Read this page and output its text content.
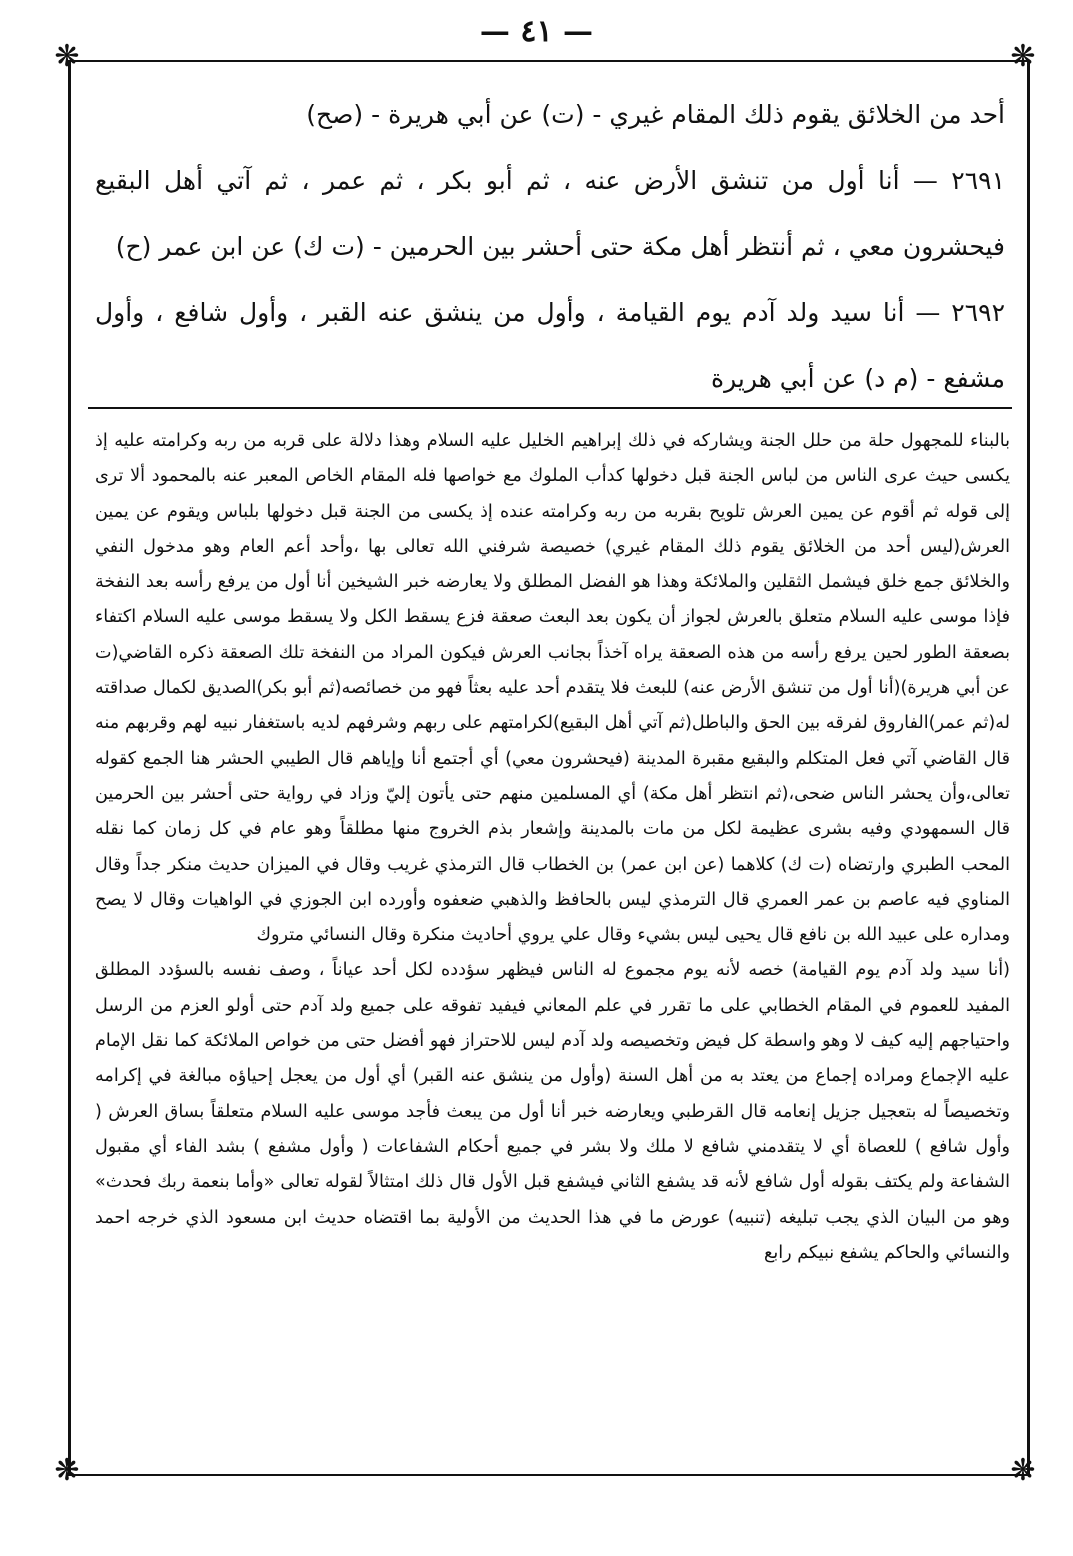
— ٤١ —
❋	❋
❋	❋

أحد من الخلائق يقوم ذلك المقام غيري - (ت) عن أبي هريرة - (صح)

٢٦٩١ — أنا أول من تنشق الأرض عنه ، ثم أبو بكر ، ثم عمر ، ثم آتي أهل البقيع فيحشرون معي ، ثم أنتظر أهل مكة حتى أحشر بين الحرمين - (ت ك) عن ابن عمر (ح)

٢٦٩٢ — أنا سيد ولد آدم يوم القيامة ، وأول من ينشق عنه القبر ، وأول شافع ، وأول مشفع - (م د) عن أبي هريرة

بالبناء للمجهول حلة من حلل الجنة ويشاركه في ذلك إبراهيم الخليل عليه السلام وهذا دلالة على قربه من ربه وكرامته عليه إذ يكسى حيث عرى الناس من لباس الجنة قبل دخولها كدأب الملوك مع خواصها فله المقام الخاص المعبر عنه بالمحمود ألا ترى إلى قوله ثم أقوم عن يمين العرش تلويح بقربه من ربه وكرامته عنده إذ يكسى من الجنة قبل دخولها بلباس ويقوم عن يمين العرش(ليس أحد من الخلائق يقوم ذلك المقام غيري) خصيصة شرفني الله تعالى بها ،وأحد أعم العام وهو مدخول النفي والخلائق جمع خلق فيشمل الثقلين والملائكة وهذا هو الفضل المطلق ولا يعارضه خبر الشيخين أنا أول من يرفع رأسه بعد النفخة فإذا موسى عليه السلام متعلق بالعرش لجواز أن يكون بعد البعث صعقة فزع يسقط الكل ولا يسقط موسى عليه السلام اكتفاء بصعقة الطور لحين يرفع رأسه من هذه الصعقة يراه آخذاً بجانب العرش فيكون المراد من النفخة تلك الصعقة ذكره القاضي(ت عن أبي هريرة)(أنا أول من تنشق الأرض عنه) للبعث فلا يتقدم أحد عليه بعثاً فهو من خصائصه(ثم أبو بكر)الصديق لكمال صداقته له(ثم عمر)الفاروق لفرقه بين الحق والباطل(ثم آتي أهل البقيع)لكرامتهم على ربهم وشرفهم لديه باستغفار نبيه لهم وقربهم منه قال القاضي آتي فعل المتكلم والبقيع مقبرة المدينة (فيحشرون معي) أي أجتمع أنا وإياهم قال الطيبي الحشر هنا الجمع كقوله تعالى،وأن يحشر الناس ضحى،(ثم انتظر أهل مكة) أي المسلمين منهم حتى يأتون إليّ وزاد في رواية حتى أحشر بين الحرمين قال السمهودي وفيه بشرى عظيمة لكل من مات بالمدينة وإشعار بذم الخروج منها مطلقاً وهو عام في كل زمان كما نقله المحب الطبري وارتضاه (ت ك) كلاهما (عن ابن عمر) بن الخطاب قال الترمذي غريب وقال في الميزان حديث منكر جداً وقال المناوي فيه عاصم بن عمر العمري قال الترمذي ليس بالحافظ والذهبي ضعفوه وأورده ابن الجوزي في الواهيات وقال لا يصح ومداره على عبيد الله بن نافع قال يحيى ليس بشيء وقال علي يروي أحاديث منكرة وقال النسائي متروك

(أنا سيد ولد آدم يوم القيامة) خصه لأنه يوم مجموع له الناس فيظهر سؤدده لكل أحد عياناً ، وصف نفسه بالسؤدد المطلق المفيد للعموم في المقام الخطابي على ما تقرر في علم المعاني فيفيد تفوقه على جميع ولد آدم حتى أولو العزم من الرسل واحتياجهم إليه كيف لا وهو واسطة كل فيض وتخصيصه ولد آدم ليس للاحتراز فهو أفضل حتى من خواص الملائكة كما نقل الإمام عليه الإجماع ومراده إجماع من يعتد به من أهل السنة (وأول من ينشق عنه القبر) أي أول من يعجل إحياؤه مبالغة في إكرامه وتخصيصاً له بتعجيل جزيل إنعامه قال القرطبي ويعارضه خبر أنا أول من يبعث فأجد موسى عليه السلام متعلقاً بساق العرش ( وأول شافع ) للعصاة أي لا يتقدمني شافع لا ملك ولا بشر في جميع أحكام الشفاعات ( وأول مشفع ) بشد الفاء أي مقبول الشفاعة ولم يكتف بقوله أول شافع لأنه قد يشفع الثاني فيشفع قبل الأول قال ذلك امتثالاً لقوله تعالى «وأما بنعمة ربك فحدث» وهو من البيان الذي يجب تبليغه (تنبيه) عورض ما في هذا الحديث من الأولية بما اقتضاه حديث ابن مسعود الذي خرجه احمد والنسائي والحاكم يشفع نبيكم رابع
